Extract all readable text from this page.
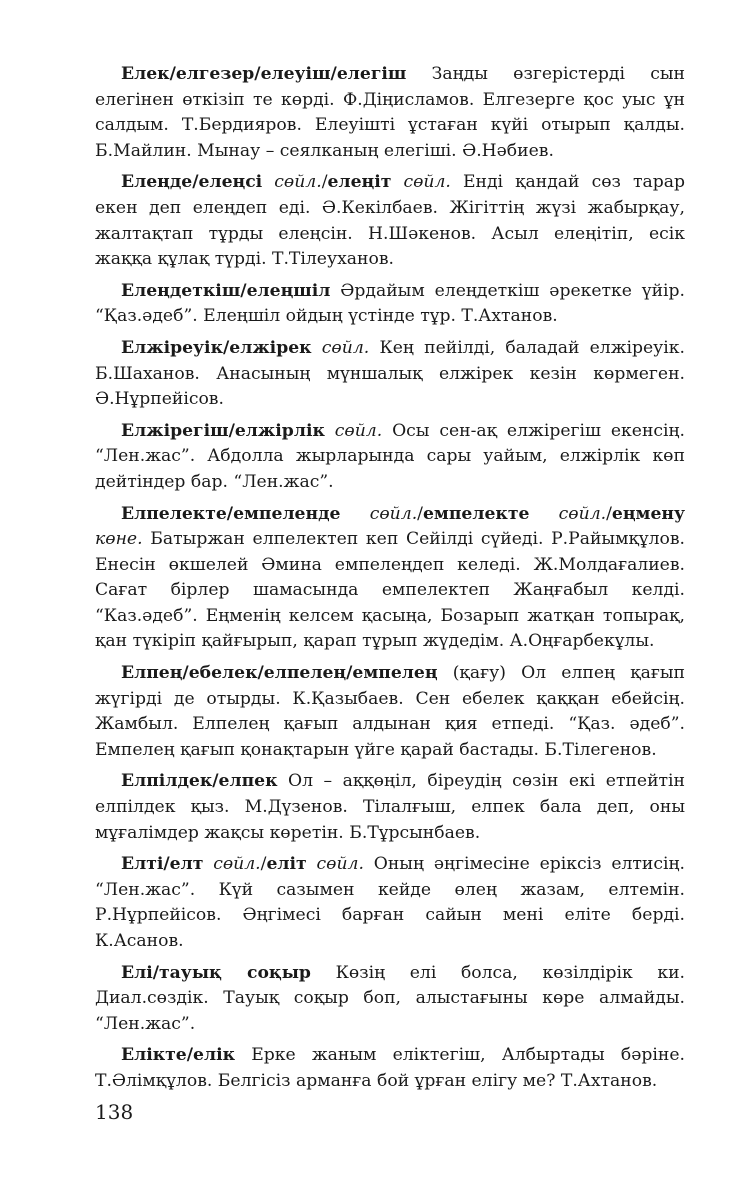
Елек/елгезер/елеуіш/елегіш Заңды өзгерістерді сын елегінен өткізіп те көрді. Ф.Діңисламов. Елгезерге қос уыс ұн салдым. Т.Бердияров. Елеуішті ұстаған күйі отырып қалды. Б.Майлин. Мынау – сеялканың елегіші. Ә.Нәбиев.

Елеңде/елеңсі сөйл./елеңіт сөйл. Енді қандай сөз тарар екен деп елеңдеп еді. Ә.Кекілбаев. Жігіттің жүзі жабырқау, жалтақтап тұрды елеңсін. Н.Шәкенов. Асыл елеңітіп, есік жаққа құлақ түрді. Т.Тілеуханов.

Елеңдеткіш/елеңшіл Әрдайым елеңдеткіш әрекетке үйір. “Қаз.әдеб”. Елеңшіл ойдың үстінде тұр. Т.Ахтанов.

Елжіреуік/елжірек сөйл. Кең пейілді, баладай елжіреуік. Б.Шаханов. Анасының мүншалық елжірек кезін көрмеген. Ә.Нұрпейісов.

Елжірегіш/елжірлік сөйл. Осы сен-ақ елжірегіш екенсің. “Лен.жас”. Абдолла жырларында сары уайым, елжірлік көп дейтіндер бар. “Лен.жас”.

Елпелекте/емпеленде сөйл./емпелекте сөйл./еңмену көне. Батыржан елпелектеп кеп Сейілді сүйеді. Р.Райымқұлов. Енесін өкшелей Әмина емпелеңдеп келеді. Ж.Молдағалиев. Сағат бірлер шамасында емпелектеп Жаңғабыл келді. “Каз.әдеб”. Еңменің келсем қасыңа, Бозарып жатқан топырақ, қан түкіріп қайғырып, қарап тұрып жүдедім. А.Оңғарбекұлы.

Елпең/ебелек/елпелең/емпелең (қағу) Ол елпең қағып жүгірді де отырды. К.Қазыбаев. Сен ебелек қаққан ебейсің. Жамбыл. Елпелең қағып алдынан қия етпеді. “Қаз. әдеб”. Емпелең қағып қонақтарын үйге қарай бастады. Б.Тілегенов.

Елпілдек/елпек Ол – аққөңіл, біреудің сөзін екі етпейтін елпілдек қыз. М.Дүзенов. Тілалғыш, елпек бала деп, оны мұғалімдер жақсы көретін. Б.Тұрсынбаев.

Елті/елт сөйл./еліт сөйл. Оның әңгімесіне еріксіз елтисің. “Лен.жас”. Күй сазымен кейде өлең жазам, елтемін. Р.Нұрпейісов. Әңгімесі барған сайын мені еліте берді. К.Асанов.

Елі/тауық соқыр Көзің елі болса, көзілдірік ки. Диал.сөздік. Тауық соқыр боп, алыстағыны көре алмайды. “Лен.жас”.

Елікте/елік Ерке жаным еліктегіш, Албыртады бәріне. Т.Әлімқұлов. Белгісіз арманға бой ұрған елігу ме? Т.Ахтанов.

138
